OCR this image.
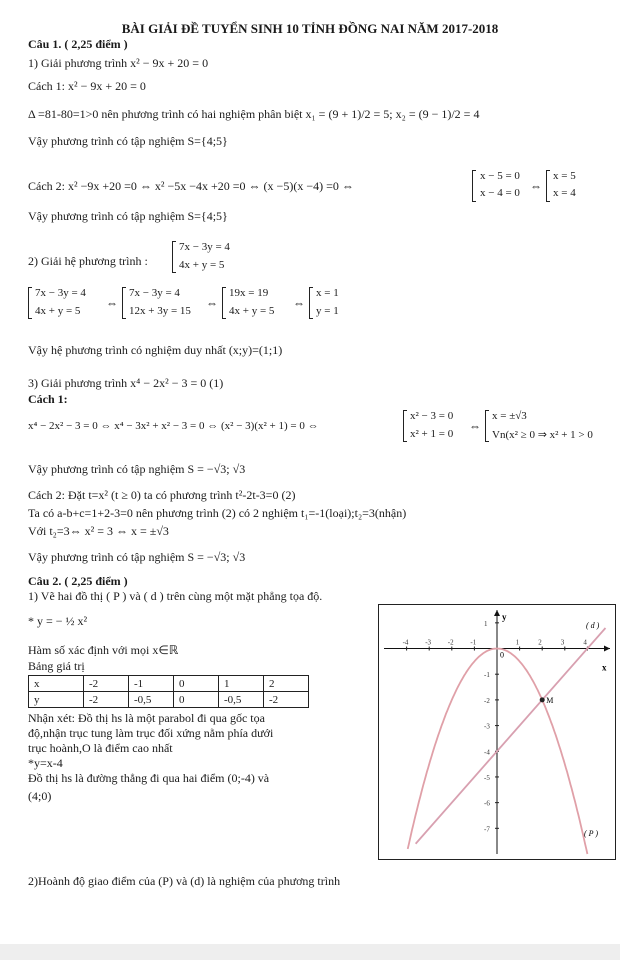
BÀI GIẢI ĐỀ TUYỂN SINH 10 TỈNH ĐỒNG NAI NĂM 2017-2018
Câu 1. ( 2,25 điểm )
1) Giải phương trình x² − 9x + 20 = 0
Cách 1: x² − 9x + 20 = 0
Δ =81-80=1>0 nên phương trình có hai nghiệm phân biệt x₁ = (9 + 1)/2 = 5; x₂ = (9 − 1)/2 = 4
Vậy phương trình có tập nghiệm S={4;5}
Cách 2: x² −9x +20 =0 ⇔ x² −5x −4x +20 =0 ⇔ (x −5)(x −4) =0 ⇔
x − 5 = 0
x − 4 = 0 ⇔
x = 5
x = 4
Vậy phương trình có tập nghiệm S={4;5}
2) Giải hệ phương trình :
7x − 3y = 4
4x + y = 5
7x − 3y = 4
4x + y = 5
⇔
7x − 3y = 4
12x + 3y = 15
⇔
19x = 19
4x + y = 5
⇔
x = 1
y = 1
Vậy hệ phương trình có nghiệm duy nhất (x;y)=(1;1)
3) Giải phương trình x⁴ − 2x² − 3 = 0 (1)
Cách 1:
x⁴ − 2x² − 3 = 0 ⇔ x⁴ − 3x² + x² − 3 = 0 ⇔ (x² − 3)(x² + 1) = 0 ⇔
x² − 3 = 0
x² + 1 = 0
⇔
x = ±√3
Vn(x² ≥ 0 ⇒ x² + 1 > 0
Vậy phương trình có tập nghiệm S = −√3; √3
Cách 2: Đặt t=x² (t ≥ 0) ta có phương trình t²-2t-3=0 (2)
Ta có a-b+c=1+2-3=0 nên phương trình (2) có 2 nghiệm t₁=-1(loại);t₂=3(nhận)
Với t₂=3⇔ x² = 3 ⇔ x = ±√3
Vậy phương trình có tập nghiệm S = −√3; √3
Câu 2. ( 2,25 điểm )
1) Vẽ hai đồ thị ( P ) và ( d ) trên cùng một mặt phẳng tọa độ.
* y = − ½ x²
Hàm số xác định với mọi x∈ℝ
Bảng giá trị
x	-2	-1	0	1	2
y	-2	-0,5	0	-0,5	-2
Nhận xét: Đồ thị hs là một parabol đi qua gốc tọa
độ,nhận trục tung làm trục đối xứng nằm phía dưới
trục hoành,O là điểm cao nhất
*y=x-4
Đồ thị hs là đường thẳng đi qua hai điểm (0;-4) và
(4;0)
2)Hoành độ giao điểm của (P) và (d) là nghiệm của phương trình
-4 -3 -2 -1	1	2	3	4
1
-1
-2
-3
-4
-5
-6
-7
0
y
x
M
( d )
( P )
